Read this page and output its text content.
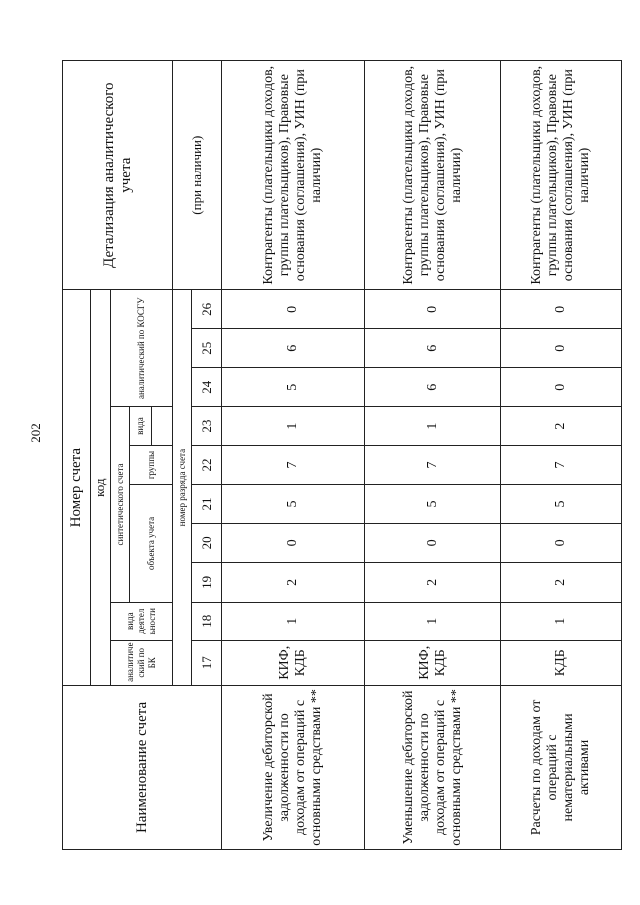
202
Наименование счета	Номер счета										Детализация аналитического учета
	код										
	аналитиче ский по БК	вида деятел ьности	синтетического счета					аналитический по КОСГУ			
			объекта учета			группы	вида				

	номер разряда счета										(при наличии)
	17	18	19	20	21	22	23	24	25	26	
Увеличение дебиторской задолженности по доходам от операций с основными средствами **	КИФ, КДБ	1	2	0	5	7	1	5	6	0	Контрагенты (плательщики доходов, группы плательщиков), Правовые основания (соглашения), УИН (при наличии)
Уменьшение дебиторской задолженности по доходам от операций с основными средствами **	КИФ, КДБ	1	2	0	5	7	1	6	6	0	Контрагенты (плательщики доходов, группы плательщиков), Правовые основания (соглашения), УИН (при наличии)
Расчеты по доходам от операций с нематериальными активами	КДБ	1	2	0	5	7	2	0	0	0	Контрагенты (плательщики доходов, группы плательщиков), Правовые основания (соглашения), УИН (при наличии)
